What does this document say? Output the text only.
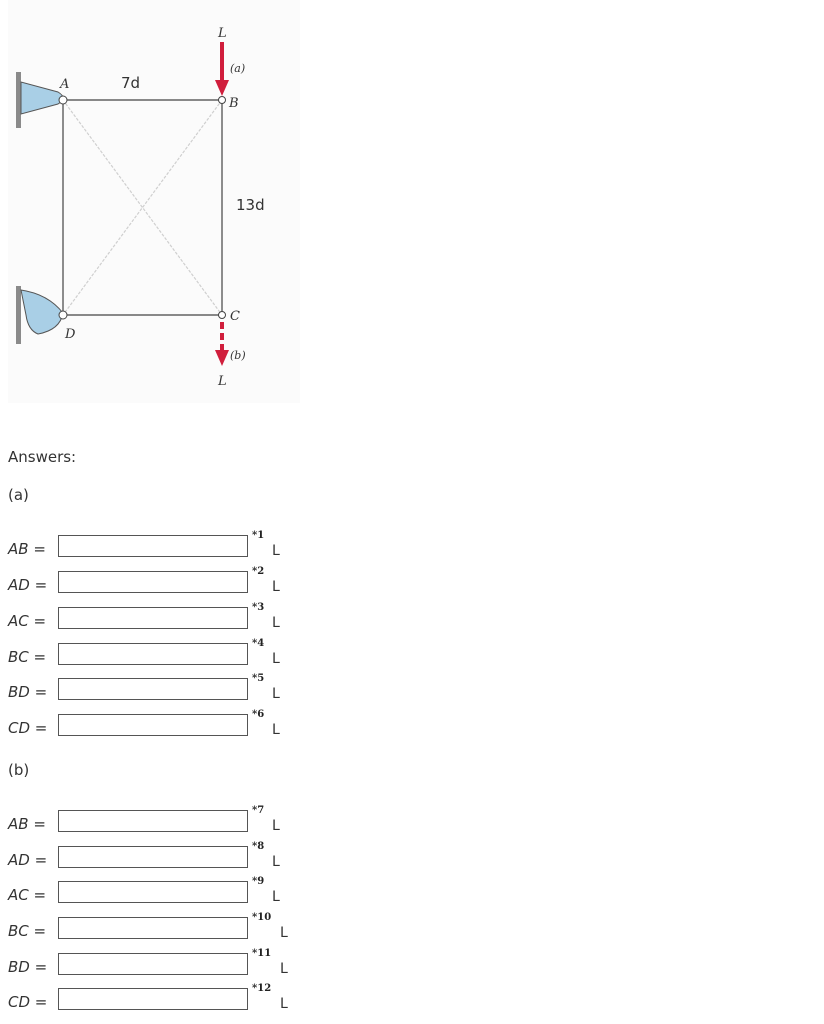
A
B
C
D
7d
13d
L
L
(a)
(b)
Answers:
(a)
AB =
*1
L
AD =
*2
L
AC =
*3
L
BC =
*4
L
BD =
*5
L
CD =
*6
L
(b)
AB =
*7
L
AD =
*8
L
AC =
*9
L
BC =
*10
L
BD =
*11
L
CD =
*12
L
